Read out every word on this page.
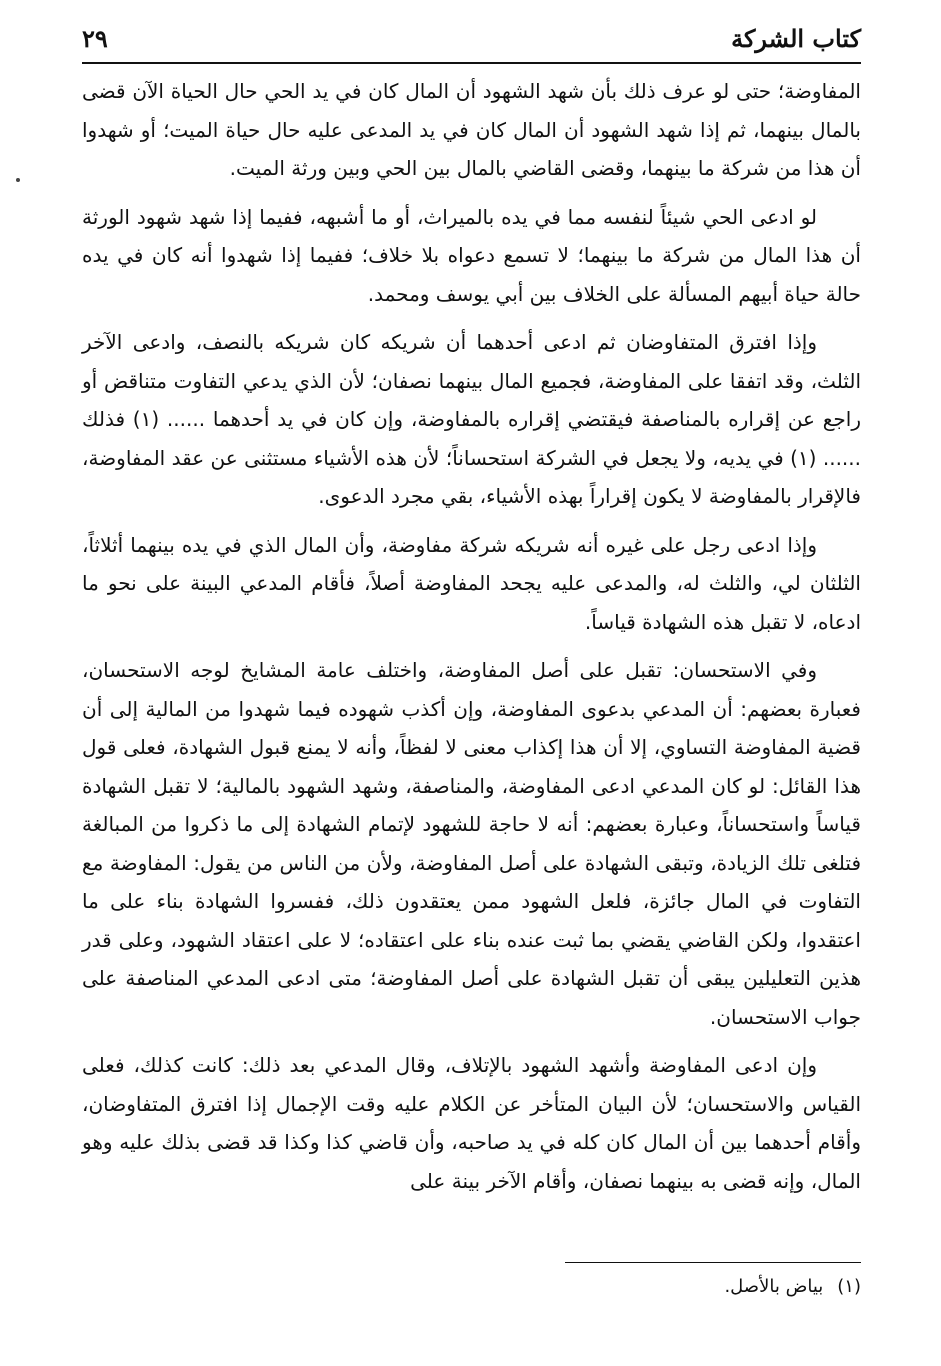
كتاب الشركة
٢٩

المفاوضة؛ حتى لو عرف ذلك بأن شهد الشهود أن المال كان في يد الحي حال الحياة الآن قضى بالمال بينهما، ثم إذا شهد الشهود أن المال كان في يد المدعى عليه حال حياة الميت؛ أو شهدوا أن هذا من شركة ما بينهما، وقضى القاضي بالمال بين الحي وبين ورثة الميت.

لو ادعى الحي شيئاً لنفسه مما في يده بالميراث، أو ما أشبهه، ففيما إذا شهد شهود الورثة أن هذا المال من شركة ما بينهما؛ لا تسمع دعواه بلا خلاف؛ ففيما إذا شهدوا أنه كان في يده حالة حياة أبيهم المسألة على الخلاف بين أبي يوسف ومحمد.

وإذا افترق المتفاوضان ثم ادعى أحدهما أن شريكه كان شريكه بالنصف، وادعى الآخر الثلث، وقد اتفقا على المفاوضة، فجميع المال بينهما نصفان؛ لأن الذي يدعي التفاوت متناقض أو راجع عن إقراره بالمناصفة فيقتضي إقراره بالمفاوضة، وإن كان في يد أحدهما ...... (١) فذلك ...... (١) في يديه، ولا يجعل في الشركة استحساناً؛ لأن هذه الأشياء مستثنى عن عقد المفاوضة، فالإقرار بالمفاوضة لا يكون إقراراً بهذه الأشياء، بقي مجرد الدعوى.

وإذا ادعى رجل على غيره أنه شريكه شركة مفاوضة، وأن المال الذي في يده بينهما أثلاثاً، الثلثان لي، والثلث له، والمدعى عليه يجحد المفاوضة أصلاً، فأقام المدعي البينة على نحو ما ادعاه، لا تقبل هذه الشهادة قياساً.

وفي الاستحسان: تقبل على أصل المفاوضة، واختلف عامة المشايخ لوجه الاستحسان، فعبارة بعضهم: أن المدعي بدعوى المفاوضة، وإن أكذب شهوده فيما شهدوا من المالية إلى أن قضية المفاوضة التساوي، إلا أن هذا إكذاب معنى لا لفظاً، وأنه لا يمنع قبول الشهادة، فعلى قول هذا القائل: لو كان المدعي ادعى المفاوضة، والمناصفة، وشهد الشهود بالمالية؛ لا تقبل الشهادة قياساً واستحساناً، وعبارة بعضهم: أنه لا حاجة للشهود لإتمام الشهادة إلى ما ذكروا من المبالغة فتلغى تلك الزيادة، وتبقى الشهادة على أصل المفاوضة، ولأن من الناس من يقول: المفاوضة مع التفاوت في المال جائزة، فلعل الشهود ممن يعتقدون ذلك، ففسروا الشهادة بناء على ما اعتقدوا، ولكن القاضي يقضي بما ثبت عنده بناء على اعتقاده؛ لا على اعتقاد الشهود، وعلى قدر هذين التعليلين يبقى أن تقبل الشهادة على أصل المفاوضة؛ متى ادعى المدعي المناصفة على جواب الاستحسان.

وإن ادعى المفاوضة وأشهد الشهود بالإتلاف، وقال المدعي بعد ذلك: كانت كذلك، فعلى القياس والاستحسان؛ لأن البيان المتأخر عن الكلام عليه وقت الإجمال إذا افترق المتفاوضان، وأقام أحدهما بين أن المال كان كله في يد صاحبه، وأن قاضي كذا وكذا قد قضى بذلك عليه وهو المال، وإنه قضى به بينهما نصفان، وأقام الآخر بينة على

(١)بياض بالأصل.
